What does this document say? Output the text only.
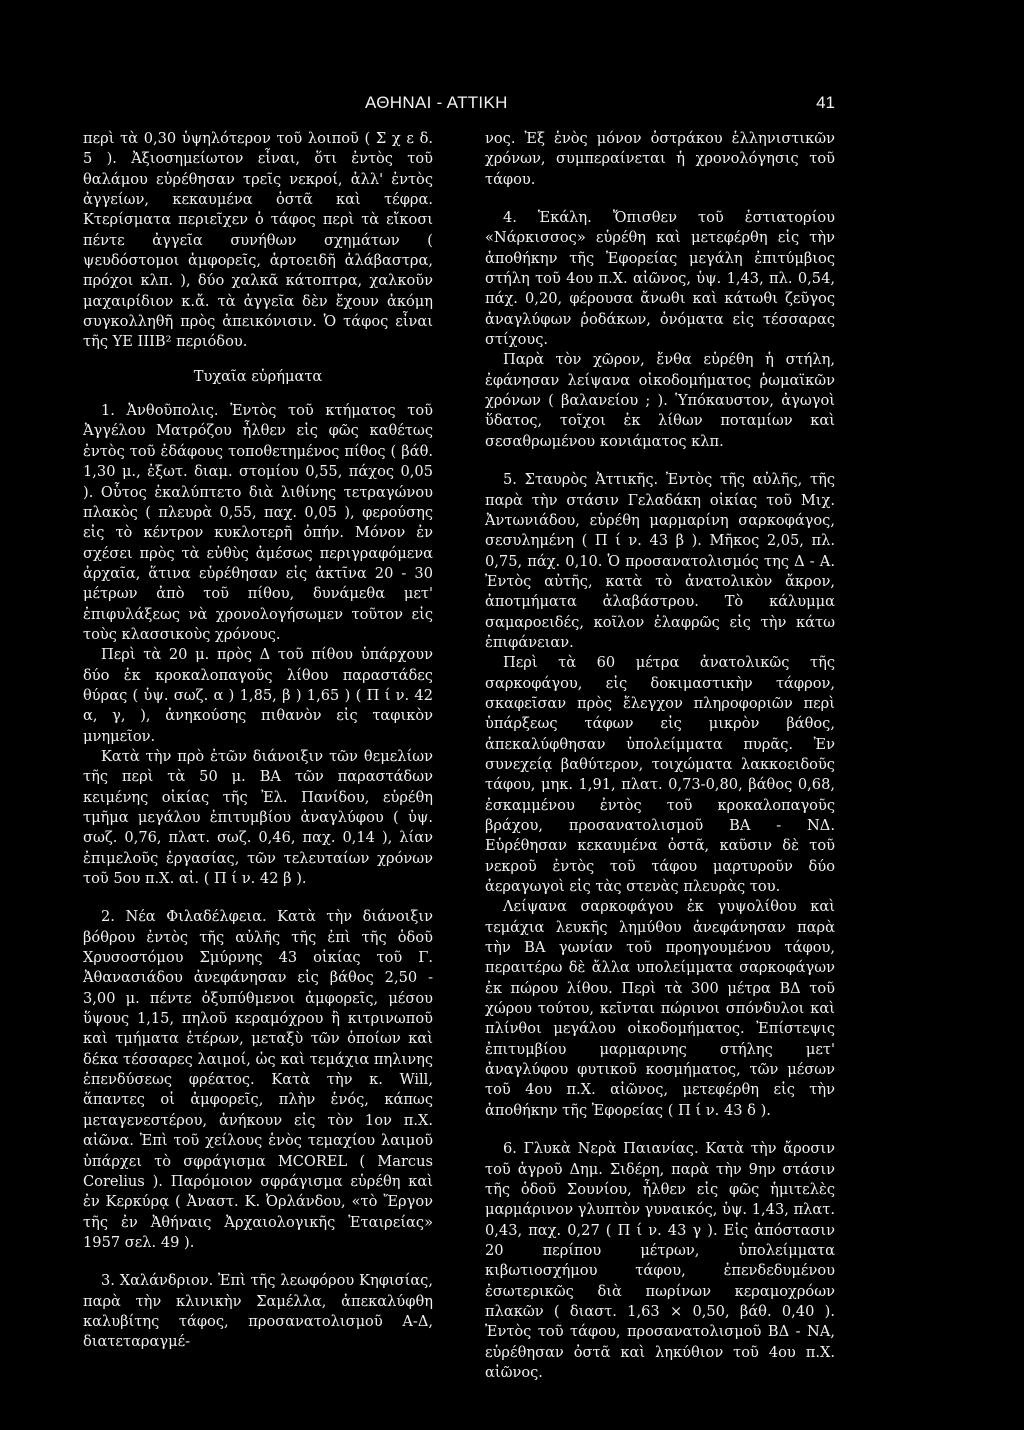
ΑΘΗΝΑΙ - ΑΤΤΙΚΗ	41

περὶ τὰ 0,30 ὑψηλότερον τοῦ λοιποῦ ( Σ χ ε δ. 5 ). Ἀξιοσημείωτον εἶναι, ὅτι ἐντὸς τοῦ θαλάμου εὑρέθησαν τρεῖς νεκροί, ἀλλ' ἐντὸς ἀγγείων, κεκαυμένα ὀστᾶ καὶ τέφρα. Κτερίσματα περιεῖχεν ὁ τάφος περὶ τὰ εἴκοσι πέντε ἀγγεῖα συνήθων σχημάτων ( ψευδόστομοι ἀμφορεῖς, ἀρτοειδῆ ἀλάβαστρα, πρόχοι κλπ. ), δύο χαλκᾶ κάτοπτρα, χαλκοῦν μαχαιρίδιον κ.ἄ. τὰ ἀγγεῖα δὲν ἔχουν ἀκόμη συγκολληθῆ πρὸς ἀπεικόνισιν. Ὁ τάφος εἶναι τῆς ΥΕ ΙΙΙΒ² περιόδου.

Τυχαῖα εὑρήματα

1. Ἀνθοῦπολις. Ἐντὸς τοῦ κτήματος τοῦ Ἀγγέλου Ματρόζου ἦλθεν εἰς φῶς καθέτως ἐντὸς τοῦ ἐδάφους τοποθετημένος πίθος ( βάθ. 1,30 μ., ἐξωτ. διαμ. στομίου 0,55, πάχος 0,05 ). Οὗτος ἐκαλύπτετο διὰ λιθίνης τετραγώνου πλακὸς ( πλευρὰ 0,55, παχ. 0,05 ), φερούσης εἰς τὸ κέντρον κυκλοτερῆ ὀπήν. Μόνον ἐν σχέσει πρὸς τὰ εὐθὺς ἀμέσως περιγραφόμενα ἀρχαῖα, ἅτινα εὑρέθησαν εἰς ἀκτῖνα 20 - 30 μέτρων ἀπὸ τοῦ πίθου, δυνάμεθα μετ' ἐπιφυλάξεως νὰ χρονολογήσωμεν τοῦτον εἰς τοὺς κλασσικοὺς χρόνους.

Περὶ τὰ 20 μ. πρὸς Δ τοῦ πίθου ὑπάρχουν δύο ἐκ κροκαλοπαγοῦς λίθου παραστάδες θύρας ( ὑψ. σωζ. α ) 1,85, β ) 1,65 ) ( Π ί ν. 42 α, γ, ), ἀνηκούσης πιθανὸν εἰς ταφικὸν μνημεῖον.

Κατὰ τὴν πρὸ ἐτῶν διάνοιξιν τῶν θεμελίων τῆς περὶ τὰ 50 μ. ΒΑ τῶν παραστάδων κειμένης οἰκίας τῆς Ἐλ. Πανίδου, εὑρέθη τμῆμα μεγάλου ἐπιτυμβίου ἀναγλύφου ( ὑψ. σωζ. 0,76, πλατ. σωζ. 0,46, παχ. 0,14 ), λίαν ἐπιμελοῦς ἐργασίας, τῶν τελευταίων χρόνων τοῦ 5ου π.Χ. αἰ. ( Π ί ν. 42 β ).

2. Νέα Φιλαδέλφεια. Κατὰ τὴν διάνοιξιν βόθρου ἐντὸς τῆς αὐλῆς τῆς ἐπὶ τῆς ὁδοῦ Χρυσοστόμου Σμύρνης 43 οἰκίας τοῦ Γ. Ἀθανασιάδου ἀνεφάνησαν εἰς βάθος 2,50 - 3,00 μ. πέντε ὀξυπύθμενοι ἀμφορεῖς, μέσου ὕψους 1,15, πηλοῦ κεραμόχρου ἢ κιτρινωποῦ καὶ τμήματα ἑτέρων, μεταξὺ τῶν ὁποίων καὶ δέκα τέσσαρες λαιμοί, ὡς καὶ τεμάχια πηλινης ἐπενδύσεως φρέατος. Κατὰ τὴν κ. Will, ἅπαντες οἱ ἀμφορεῖς, πλὴν ἑνός, κάπως μεταγενεστέρου, ἀνήκουν εἰς τὸν 1ον π.Χ. αἰῶνα. Ἐπὶ τοῦ χείλους ἑνὸς τεμαχίου λαιμοῦ ὑπάρχει τὸ σφράγισμα MCOREL ( Marcus Corelius ). Παρόμοιον σφράγισμα εὑρέθη καὶ ἐν Κερκύρᾳ ( Ἀναστ. Κ. Ὀρλάνδου, «τὸ Ἔργον τῆς ἐν Ἀθήναις Ἀρχαιολογικῆς Ἑταιρείας» 1957 σελ. 49 ).

3. Χαλάνδριον. Ἐπὶ τῆς λεωφόρου Κηφισίας, παρὰ τὴν κλινικὴν Σαμέλλα, ἀπεκαλύφθη καλυβίτης τάφος, προσανατολισμοῦ Α-Δ, διατεταραγμέ-

νος. Ἐξ ἑνὸς μόνον ὀστράκου ἑλληνιστικῶν χρόνων, συμπεραίνεται ἡ χρονολόγησις τοῦ τάφου.

4. Ἑκάλη. Ὄπισθεν τοῦ ἑστιατορίου «Νάρκισσος» εὑρέθη καὶ μετεφέρθη εἰς τὴν ἀποθήκην τῆς Ἐφορείας μεγάλη ἐπιτύμβιος στήλη τοῦ 4ου π.Χ. αἰῶνος, ὑψ. 1,43, πλ. 0,54, πάχ. 0,20, φέρουσα ἄνωθι καὶ κάτωθι ζεῦγος ἀναγλύφων ῥοδάκων, ὀνόματα εἰς τέσσαρας στίχους.

Παρὰ τὸν χῶρον, ἔνθα εὑρέθη ἡ στήλη, ἐφάνησαν λείψανα οἰκοδομήματος ῥωμαϊκῶν χρόνων ( βαλανείου ; ). Ὑπόκαυστον, ἀγωγοὶ ὕδατος, τοῖχοι ἐκ λίθων ποταμίων καὶ σεσαθρωμένου κονιάματος κλπ.

5. Σταυρὸς Ἀττικῆς. Ἐντὸς τῆς αὐλῆς, τῆς παρὰ τὴν στάσιν Γελαδάκη οἰκίας τοῦ Μιχ. Ἀντωνιάδου, εὑρέθη μαρμαρίνη σαρκοφάγος, σεσυλημένη ( Π ί ν. 43 β ). Μῆκος 2,05, πλ. 0,75, πάχ. 0,10. Ὁ προσανατολισμός της Δ - Α. Ἐντὸς αὐτῆς, κατὰ τὸ ἀνατολικὸν ἄκρον, ἀποτμήματα ἀλαβάστρου. Τὸ κάλυμμα σαμαροειδές, κοῖλον ἐλαφρῶς εἰς τὴν κάτω ἐπιφάνειαν.

Περὶ τὰ 60 μέτρα ἀνατολικῶς τῆς σαρκοφάγου, εἰς δοκιμαστικὴν τάφρον, σκαφεῖσαν πρὸς ἔλεγχον πληροφοριῶν περὶ ὑπάρξεως τάφων εἰς μικρὸν βάθος, ἀπεκαλύφθησαν ὑπολείμματα πυρᾶς. Ἐν συνεχείᾳ βαθύτερον, τοιχώματα λακκοειδοῦς τάφου, μηκ. 1,91, πλατ. 0,73-0,80, βάθος 0,68, ἐσκαμμένου ἐντὸς τοῦ κροκαλοπαγοῦς βράχου, προσανατολισμοῦ ΒΑ - ΝΔ. Εὑρέθησαν κεκαυμένα ὀστᾶ, καῦσιν δὲ τοῦ νεκροῦ ἐντὸς τοῦ τάφου μαρτυροῦν δύο ἀεραγωγοὶ εἰς τὰς στενὰς πλευρὰς του.

Λείψανα σαρκοφάγου ἐκ γυψολίθου καὶ τεμάχια λευκῆς λημύθου ἀνεφάνησαν παρὰ τὴν ΒΑ γωνίαν τοῦ προηγουμένου τάφου, περαιτέρω δὲ ἄλλα υπολείμματα σαρκοφάγων ἐκ πώρου λίθου. Περὶ τὰ 300 μέτρα ΒΔ τοῦ χώρου τούτου, κεῖνται πώρινοι σπόνδυλοι καὶ πλίνθοι μεγάλου οἰκοδομήματος. Ἐπίστεψις ἐπιτυμβίου μαρμαρινης στήλης μετ' ἀναγλύφου φυτικοῦ κοσμήματος, τῶν μέσων τοῦ 4ου π.Χ. αἰῶνος, μετεφέρθη εἰς τὴν ἀποθήκην τῆς Ἐφορείας ( Π ί ν. 43 δ ).

6. Γλυκὰ Νερὰ Παιανίας. Κατὰ τὴν ἄροσιν τοῦ ἀγροῦ Δημ. Σιδέρη, παρὰ τὴν 9ην στάσιν τῆς ὁδοῦ Σουνίου, ἦλθεν εἰς φῶς ἡμιτελὲς μαρμάρινον γλυπτὸν γυναικός, ὑψ. 1,43, πλατ. 0,43, παχ. 0,27 ( Π ί ν. 43 γ ). Εἰς ἀπόστασιν 20 περίπου μέτρων, ὑπολείμματα κιβωτιοσχήμου τάφου, ἐπενδεδυμένου ἐσωτερικῶς διὰ πωρίνων κεραμοχρόων πλακῶν ( διαστ. 1,63 × 0,50, βάθ. 0,40 ). Ἐντὸς τοῦ τάφου, προσανατολισμοῦ ΒΔ - ΝΑ, εὑρέθησαν ὀστᾶ καὶ ληκύθιον τοῦ 4ου π.Χ. αἰῶνος.
